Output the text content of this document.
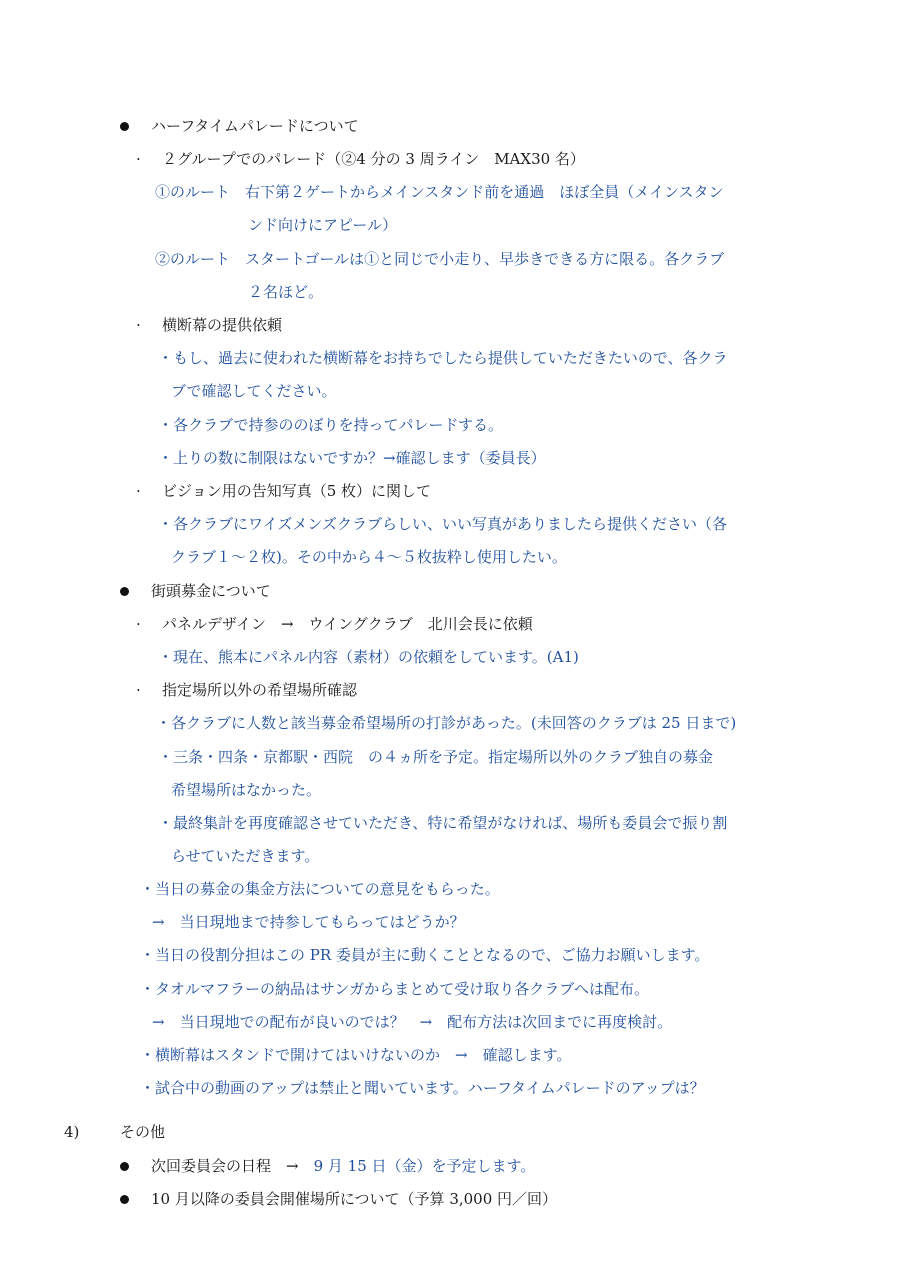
ハーフタイムパレードについて
· ２グループでのパレード（②4 分の 3 周ライン　MAX30 名）
①のルート　右下第２ゲートからメインスタンド前を通過　ほぼ全員（メインスタン
ンド向けにアピール）
②のルート　スタートゴールは①と同じで小走り、早歩きできる方に限る。各クラブ
２名ほど。
· 横断幕の提供依頼
・もし、過去に使われた横断幕をお持ちでしたら提供していただきたいので、各クラ
ブで確認してください。
・各クラブで持参ののぼりを持ってパレードする。
・上りの数に制限はないですか？→確認します（委員長）
· ビジョン用の告知写真（5 枚）に関して
・各クラブにワイズメンズクラブらしい、いい写真がありましたら提供ください（各
クラブ１～２枚)。その中から４～５枚抜粋し使用したい。
街頭募金について
· パネルデザイン　→　ウイングクラブ　北川会長に依頼
・現在、熊本にパネル内容（素材）の依頼をしています。(A1)
· 指定場所以外の希望場所確認
・各クラブに人数と該当募金希望場所の打診があった。(未回答のクラブは 25 日まで)
・三条・四条・京都駅・西院　の４ヵ所を予定。指定場所以外のクラブ独自の募金
希望場所はなかった。
・最終集計を再度確認させていただき、特に希望がなければ、場所も委員会で振り割
らせていただきます。
・当日の募金の集金方法についての意見をもらった。
→　当日現地まで持参してもらってはどうか？
・当日の役割分担はこの PR 委員が主に動くこととなるので、ご協力お願いします。
・タオルマフラーの納品はサンガからまとめて受け取り各クラブへは配布。
→　当日現地での配布が良いのでは？　→　配布方法は次回までに再度検討。
・横断幕はスタンドで開けてはいけないのか　→　確認します。
・試合中の動画のアップは禁止と聞いています。ハーフタイムパレードのアップは？
4)	その他
次回委員会の日程　→　9 月 15 日（金）を予定します。
10 月以降の委員会開催場所について（予算 3,000 円／回）
